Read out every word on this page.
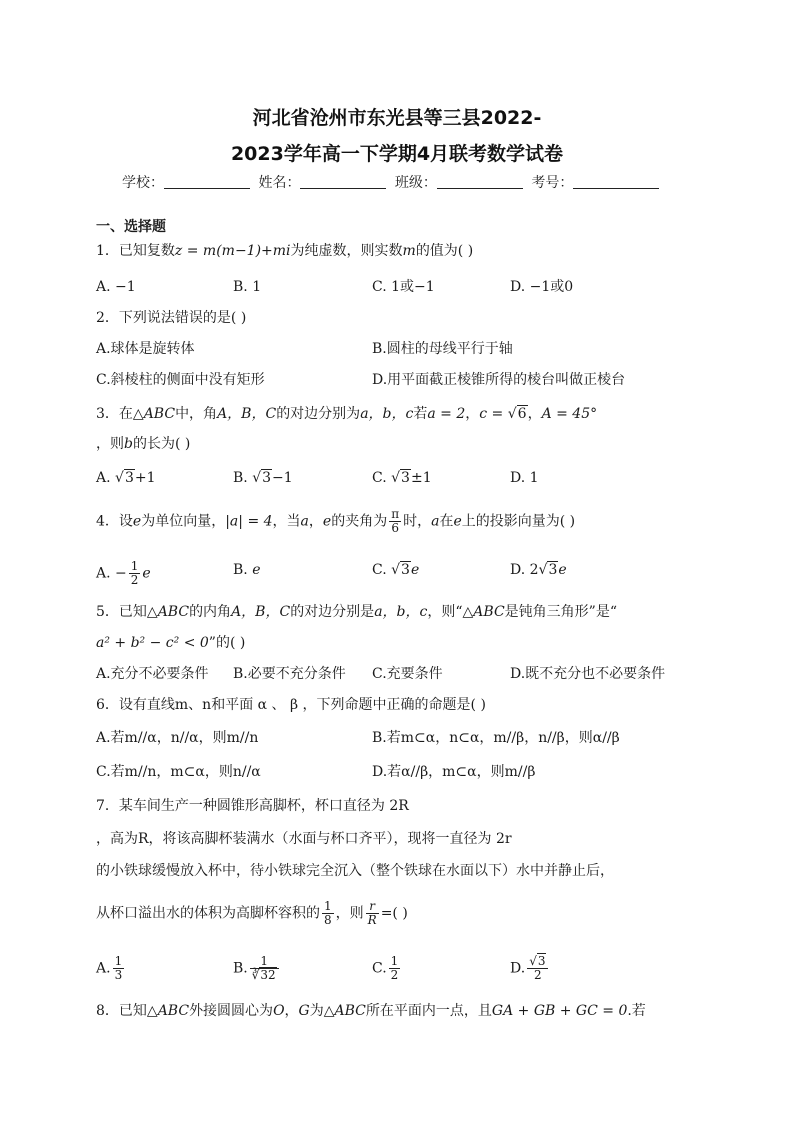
河北省沧州市东光县等三县2022-
2023学年高一下学期4月联考数学试卷
学校：	姓名：	班级：	考号：
一、选择题
1．已知复数z = m(m−1)+mi为纯虚数，则实数m的值为( )
A. −1	B. 1	C. 1或−1	D. −1或0
2．下列说法错误的是( )
A.球体是旋转体	B.圆柱的母线平行于轴
C.斜棱柱的侧面中没有矩形	D.用平面截正棱锥所得的棱台叫做正棱台
3．在△ABC中，角A，B，C的对边分别为a，b，c若a = 2，c = √6，A = 45°
，则b的长为( )
A. √3+1	B. √3−1	C. √3±1	D. 1
4．设e为单位向量，|a| = 4，当a，e的夹角为 $\frac{\pi}{6}$ 时，a在e上的投影向量为( )
A. − $\frac{1}{2}$ e	B. e	C. √3e	D. 2√3e
5．已知△ABC的内角A，B，C的对边分别是a，b，c，则“△ABC是钝角三角形”是“
a² + b² − c² < 0”的( )
A.充分不必要条件 B.必要不充分条件 C.充要条件	D.既不充分也不必要条件
6．设有直线m、n和平面 α 、 β ，下列命题中正确的命题是( )
A.若m//α，n//α，则m//n	B.若m⊂α，n⊂α，m//β，n//β，则α//β
C.若m//n，m⊂α，则n//α	D.若α//β，m⊂α，则m//β
7．某车间生产一种圆锥形高脚杯，杯口直径为 2R
，高为R，将该高脚杯装满水（水面与杯口齐平），现将一直径为 2r
的小铁球缓慢放入杯中，待小铁球完全沉入（整个铁球在水面以下）水中并静止后，
从杯口溢出水的体积为高脚杯容积的 $\frac{1}{8}$ ，则 $\frac{r}{R}$ =( )
A. $\frac{1}{3}$	B. $\frac{1}{∛32}$	C. $\frac{1}{2}$	D. $\frac{√3}{2}$
8．已知△ABC外接圆圆心为O，G为△ABC所在平面内一点，且GA + GB + GC = 0.若
